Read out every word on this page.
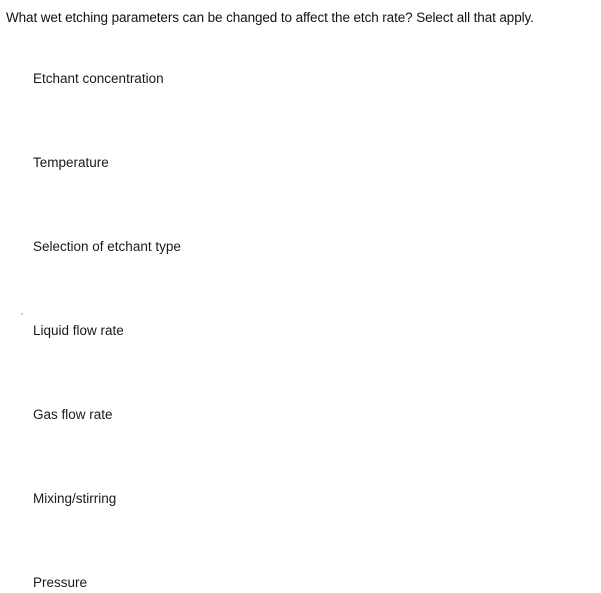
What wet etching parameters can be changed to affect the etch rate? Select all that apply.
Etchant concentration
Temperature
Selection of etchant type
Liquid flow rate
Gas flow rate
Mixing/stirring
Pressure
